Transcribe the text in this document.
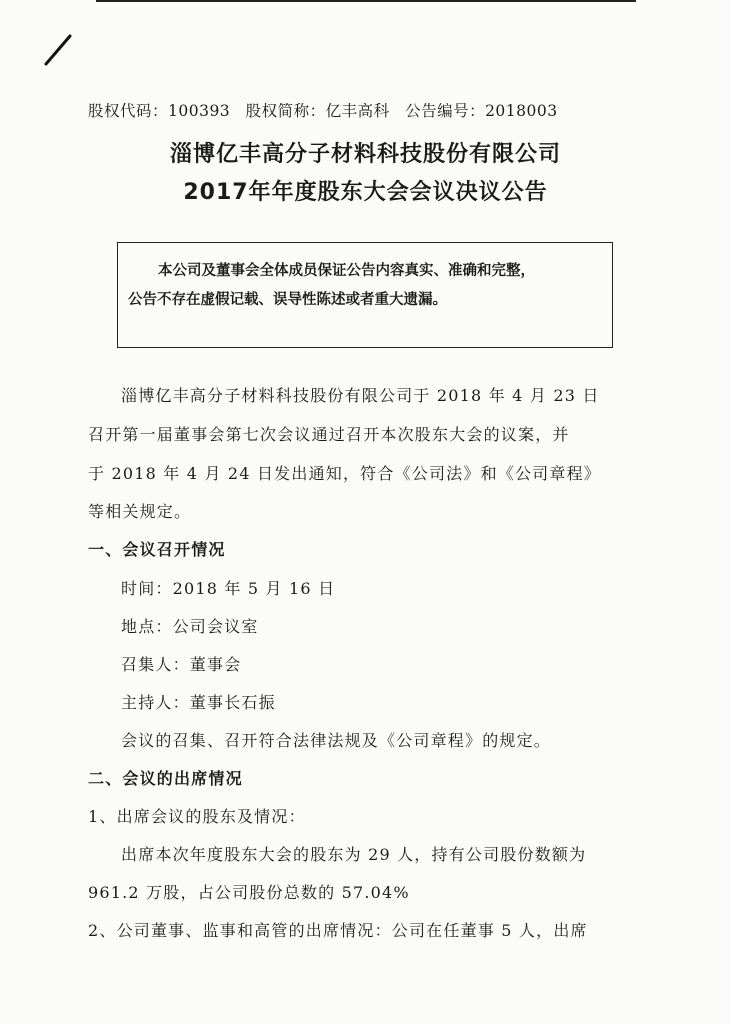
股权代码：100393 股权简称：亿丰高科 公告编号：2018003
淄博亿丰高分子材料科技股份有限公司
2017年年度股东大会会议决议公告
本公司及董事会全体成员保证公告内容真实、准确和完整，
公告不存在虚假记载、误导性陈述或者重大遗漏。
淄博亿丰高分子材料科技股份有限公司于 2018 年 4 月 23 日
召开第一届董事会第七次会议通过召开本次股东大会的议案，并
于 2018 年 4 月 24 日发出通知，符合《公司法》和《公司章程》
等相关规定。
一、会议召开情况
时间：2018 年 5 月 16 日
地点：公司会议室
召集人：董事会
主持人：董事长石振
会议的召集、召开符合法律法规及《公司章程》的规定。
二、会议的出席情况
1、出席会议的股东及情况：
出席本次年度股东大会的股东为 29 人，持有公司股份数额为
961.2 万股，占公司股份总数的 57.04%
2、公司董事、监事和高管的出席情况：公司在任董事 5 人，出席
